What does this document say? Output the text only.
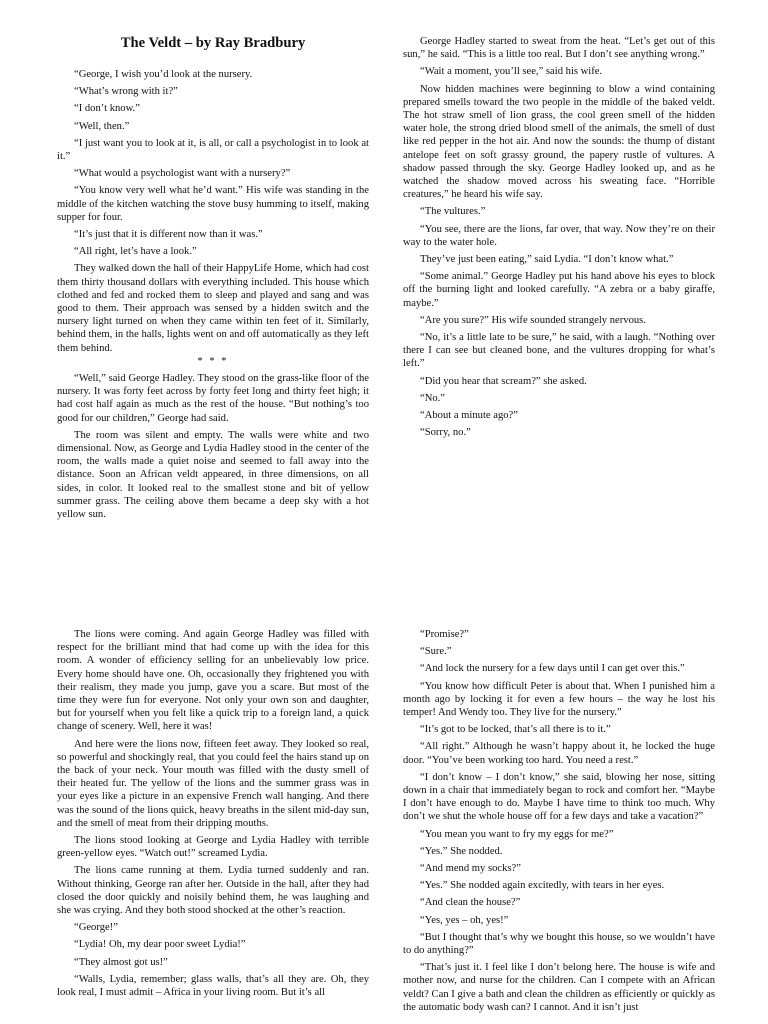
The Veldt – by Ray Bradbury

“George, I wish you’d look at the nursery.

“What’s wrong with it?”

“I don’t know.”

“Well, then.”

“I just want you to look at it, is all, or call a psychologist in to look at it.”

“What would a psychologist want with a nursery?”

“You know very well what he’d want.” His wife was standing in the middle of the kitchen watching the stove busy humming to itself, making supper for four.

“It’s just that it is different now than it was.”

“All right, let’s have a look.”

They walked down the hall of their HappyLife Home, which had cost them thirty thousand dollars with everything included. This house which clothed and fed and rocked them to sleep and played and sang and was good to them. Their approach was sensed by a hidden switch and the nursery light turned on when they came within ten feet of it. Similarly, behind them, in the halls, lights went on and off automatically as they left them behind.

* * *

“Well,” said George Hadley. They stood on the grass-like floor of the nursery. It was forty feet across by forty feet long and thirty feet high; it had cost half again as much as the rest of the house. “But nothing’s too good for our children,” George had said.

The room was silent and empty. The walls were white and two dimensional. Now, as George and Lydia Hadley stood in the center of the room, the walls made a quiet noise and seemed to fall away into the distance. Soon an African veldt appeared, in three dimensions, on all sides, in color. It looked real to the smallest stone and bit of yellow summer grass. The ceiling above them became a deep sky with a hot yellow sun.

George Hadley started to sweat from the heat. “Let’s get out of this sun,” he said. “This is a little too real. But I don’t see anything wrong.”

“Wait a moment, you’ll see,” said his wife.

Now hidden machines were beginning to blow a wind containing prepared smells toward the two people in the middle of the baked veldt. The hot straw smell of lion grass, the cool green smell of the hidden water hole, the strong dried blood smell of the animals, the smell of dust like red pepper in the hot air. And now the sounds: the thump of distant antelope feet on soft grassy ground, the papery rustle of vultures. A shadow passed through the sky. George Hadley looked up, and as he watched the shadow moved across his sweating face. “Horrible creatures,” he heard his wife say.

“The vultures.”

“You see, there are the lions, far over, that way. Now they’re on their way to the water hole.

They’ve just been eating,” said Lydia. “I don’t know what.”

“Some animal.” George Hadley put his hand above his eyes to block off the burning light and looked carefully. “A zebra or a baby giraffe, maybe.”

“Are you sure?” His wife sounded strangely nervous.

“No, it’s a little late to be sure,” he said, with a laugh. “Nothing over there I can see but cleaned bone, and the vultures dropping for what’s left.”

“Did you hear that scream?” she asked.

“No.”

“About a minute ago?”

“Sorry, no.”

The lions were coming. And again George Hadley was filled with respect for the brilliant mind that had come up with the idea for this room. A wonder of efficiency selling for an unbelievably low price. Every home should have one. Oh, occasionally they frightened you with their realism, they made you jump, gave you a scare. But most of the time they were fun for everyone. Not only your own son and daughter, but for yourself when you felt like a quick trip to a foreign land, a quick change of scenery. Well, here it was!

And here were the lions now, fifteen feet away. They looked so real, so powerful and shockingly real, that you could feel the hairs stand up on the back of your neck. Your mouth was filled with the dusty smell of their heated fur. The yellow of the lions and the summer grass was in your eyes like a picture in an expensive French wall hanging. And there was the sound of the lions quick, heavy breaths in the silent mid-day sun, and the smell of meat from their dripping mouths.

The lions stood looking at George and Lydia Hadley with terrible green-yellow eyes. “Watch out!” screamed Lydia.

The lions came running at them. Lydia turned suddenly and ran. Without thinking, George ran after her. Outside in the hall, after they had closed the door quickly and noisily behind them, he was laughing and she was crying. And they both stood shocked at the other’s reaction.

“George!”

“Lydia! Oh, my dear poor sweet Lydia!”

“They almost got us!”

“Walls, Lydia, remember; glass walls, that’s all they are. Oh, they look real, I must admit – Africa in your living room. But it’s all

“Promise?”

“Sure.”

“And lock the nursery for a few days until I can get over this.”

“You know how difficult Peter is about that. When I punished him a month ago by locking it for even a few hours – the way he lost his temper! And Wendy too. They live for the nursery.”

“It’s got to be locked, that’s all there is to it.”

“All right.” Although he wasn’t happy about it, he locked the huge door. “You’ve been working too hard. You need a rest.”

“I don’t know – I don’t know,” she said, blowing her nose, sitting down in a chair that immediately began to rock and comfort her. “Maybe I don’t have enough to do. Maybe I have time to think too much. Why don’t we shut the whole house off for a few days and take a vacation?”

“You mean you want to fry my eggs for me?”

“Yes.” She nodded.

“And mend my socks?”

“Yes.” She nodded again excitedly, with tears in her eyes.

“And clean the house?”

“Yes, yes – oh, yes!”

“But I thought that’s why we bought this house, so we wouldn’t have to do anything?”

“That’s just it. I feel like I don’t belong here. The house is wife and mother now, and nurse for the children. Can I compete with an African veldt? Can I give a bath and clean the children as efficiently or quickly as the automatic body wash can? I cannot. And it isn’t just
